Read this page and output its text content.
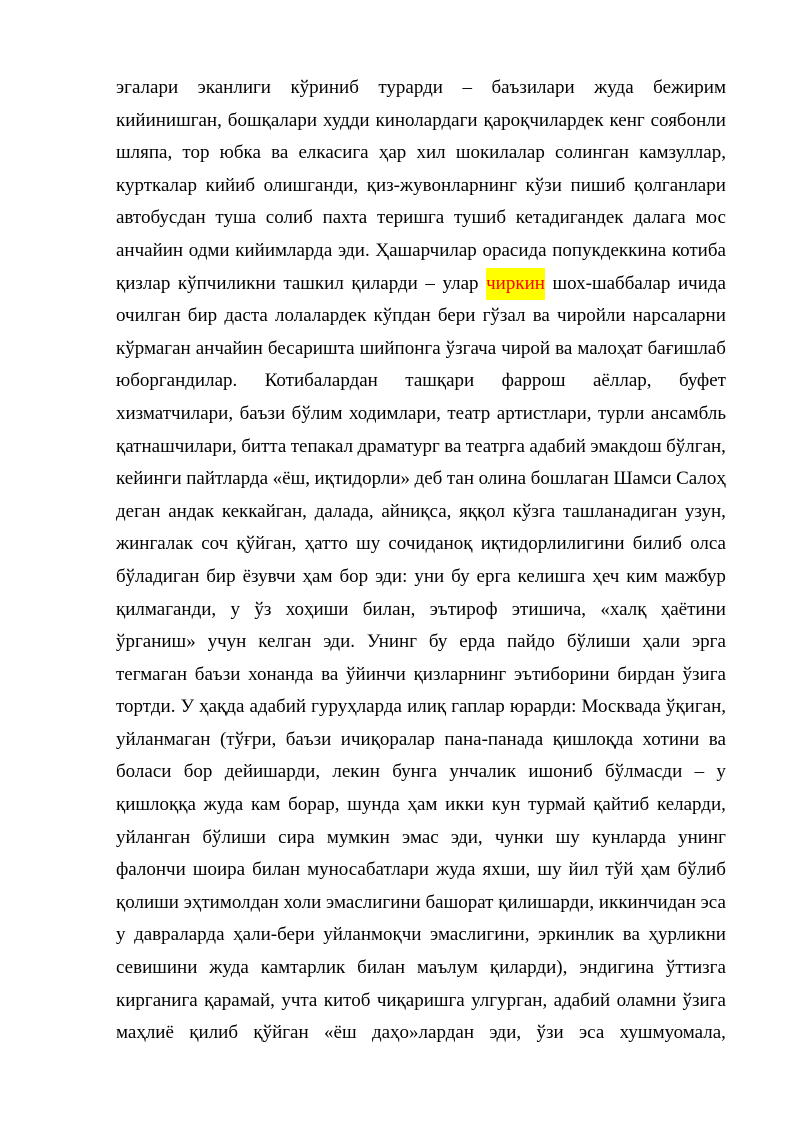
эгалари эканлиги кўриниб турарди – баъзилари жуда бежирим
кийинишган, бошқалари худди кинолардаги қароқчилардек кенг соябонли
шляпа, тор юбка ва елкасига ҳар хил шокилалар солинган камзуллар,
курткалар кийиб олишганди, қиз-жувонларнинг кўзи пишиб қолганлари
автобусдан туша солиб пахта теришга тушиб кетадигандек далага мос
анчайин одми кийимларда эди. Ҳашарчилар орасида попукдеккина котиба
қизлар кўпчиликни ташкил қиларди – улар чиркин шох-шаббалар ичида
очилган бир даста лолалардек кўпдан бери гўзал ва чиройли нарсаларни
кўрмаган анчайин бесаришта шийпонга ўзгача чирой ва малоҳат бағишлаб
юборгандилар. Котибалардан ташқари фаррош аёллар, буфет
хизматчилари, баъзи бўлим ходимлари, театр артистлари, турли ансамбль
қатнашчилари, битта тепакал драматург ва театрга адабий эмакдош бўлган,
кейинги пайтларда «ёш, иқтидорли» деб тан олина бошлаган Шамси Салоҳ
деган андак кеккайган, далада, айниқса, яққол кўзга ташланадиган узун,
жингалак соч қўйган, ҳатто шу сочиданоқ иқтидорлилигини билиб олса
бўладиган бир ёзувчи ҳам бор эди: уни бу ерга келишга ҳеч ким мажбур
қилмаганди, у ўз хоҳиши билан, эътироф этишича, «халқ ҳаётини
ўрганиш» учун келган эди. Унинг бу ерда пайдо бўлиши ҳали эрга
тегмаган баъзи хонанда ва ўйинчи қизларнинг эътиборини бирдан ўзига
тортди. У ҳақда адабий гуруҳларда илиқ гаплар юрарди: Москвада ўқиган,
уйланмаган (тўғри, баъзи ичиқоралар пана-панада қишлоқда хотини ва
боласи бор дейишарди, лекин бунга унчалик ишониб бўлмасди – у
қишлоққа жуда кам борар, шунда ҳам икки кун турмай қайтиб келарди,
уйланган бўлиши сира мумкин эмас эди, чунки шу кунларда унинг
фалончи шоира билан муносабатлари жуда яхши, шу йил тўй ҳам бўлиб
қолиши эҳтимолдан холи эмаслигини башорат қилишарди, иккинчидан эса
у давраларда ҳали-бери уйланмоқчи эмаслигини, эркинлик ва ҳурликни
севишини жуда камтарлик билан маълум қиларди), эндигина ўттизга
кирганига қарамай, учта китоб чиқаришга улгурган, адабий оламни ўзига
маҳлиё қилиб қўйган «ёш даҳо»лардан эди, ўзи эса хушмуомала,
